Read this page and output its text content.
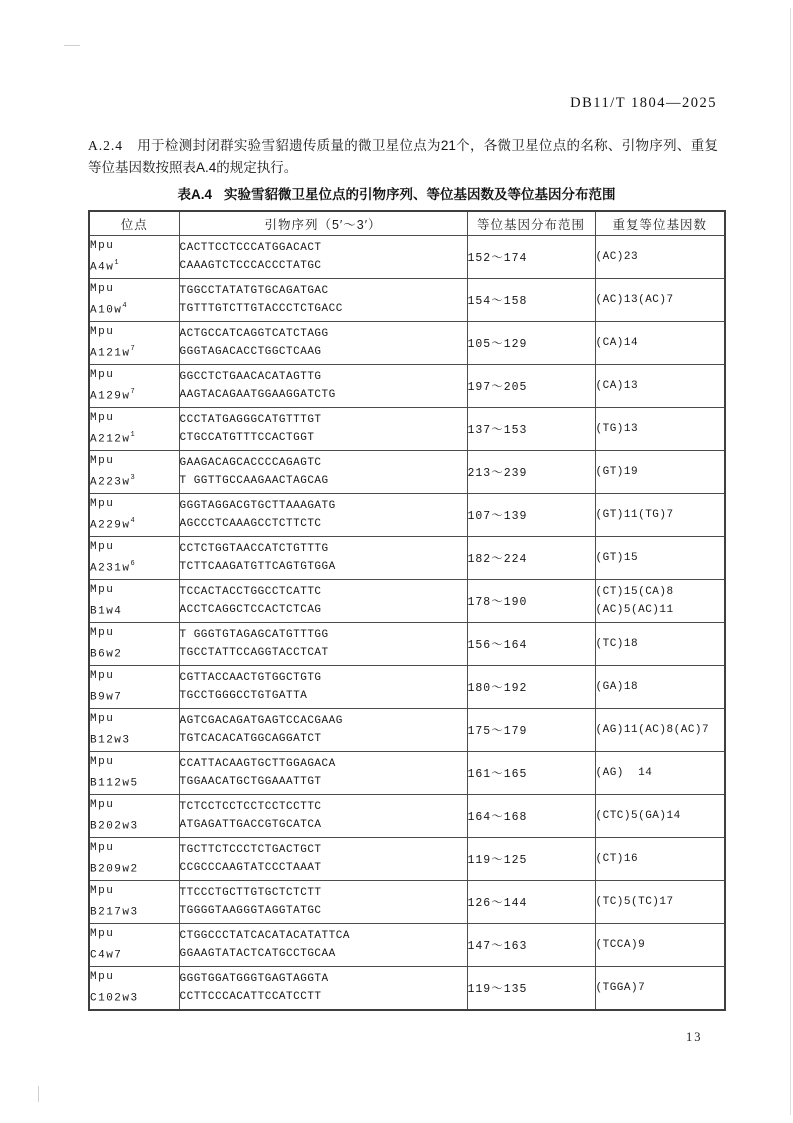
DB11/T 1804—2025

A.2.4 用于检测封闭群实验雪貂遗传质量的微卫星位点为21个，各微卫星位点的名称、引物序列、重复等位基因数按照表A.4的规定执行。

表A.4 实验雪貂微卫星位点的引物序列、等位基因数及等位基因分布范围
位点	引物序列（5′～3′）	等位基因分布范围	重复等位基因数

Mpu
$A4w^1$

CACTTCCTCCCATGGACACT
CAAAGTCTCCCACCCTATGC
	152～174	(AC)23

Mpu
$A10w^4$

TGGCCTATATGTGCAGATGAC
TGTTTGTCTTGTACCCTCTGACC
	154～158	(AC)13(AC)7

Mpu
$A121w^7$

ACTGCCATCAGGTCATCTAGG
GGGTAGACACCTGGCTCAAG
	105～129	(CA)14

Mpu
$A129w^7$

GGCCTCTGAACACATAGTTG
AAGTACAGAATGGAAGGATCTG
	197～205	(CA)13

Mpu
$A212w^1$

CCCTATGAGGGCATGTTTGT
CTGCCATGTTTCCACTGGT
	137～153	(TG)13

Mpu
$A223w^3$

GAAGACAGCACCCCAGAGTC
T GGTTGCCAAGAACTAGCAG
	213～239	(GT)19

Mpu
$A229w^4$

GGGTAGGACGTGCTTAAAGATG
AGCCCTCAAAGCCTCTTCTC
	107～139	(GT)11(TG)7

Mpu
$A231w^6$

CCTCTGGTAACCATCTGTTTG
TCTTCAAGATGTTCAGTGTGGA
	182～224	(GT)15

Mpu
B1w4

TCCACTACCTGGCCTCATTC
ACCTCAGGCTCCACTCTCAG
	178～190	
(CT)15(CA)8
(AC)5(AC)11

Mpu
B6w2

T GGGTGTAGAGCATGTTTGG
TGCCTATTCCAGGTACCTCAT
	156～164	(TC)18

Mpu
B9w7

CGTTACCAACTGTGGCTGTG
TGCCTGGGCCTGTGATTA
	180～192	(GA)18

Mpu
B12w3

AGTCGACAGATGAGTCCACGAAG
TGTCACACATGGCAGGATCT
	175～179	(AG)11(AC)8(AC)7

Mpu
B112w5

CCATTACAAGTGCTTGGAGACA
TGGAACATGCTGGAAATTGT
	161～165	(AG)  14

Mpu
B202w3

TCTCCTCCTCCTCCTCCTTC
ATGAGATTGACCGTGCATCA
	164～168	(CTC)5(GA)14

Mpu
B209w2

TGCTTCTCCCTCTGACTGCT
CCGCCCAAGTATCCCTAAAT
	119～125	(CT)16

Mpu
B217w3

TTCCCTGCTTGTGCTCTCTT
TGGGGTAAGGGTAGGTATGC
	126～144	(TC)5(TC)17

Mpu
C4w7

CTGGCCCTATCACATACATATTCA
GGAAGTATACTCATGCCTGCAA
	147～163	(TCCA)9

Mpu
C102w3

GGGTGGATGGGTGAGTAGGTA
CCTTCCCACATTCCATCCTT
	119～135	(TGGA)7
13
